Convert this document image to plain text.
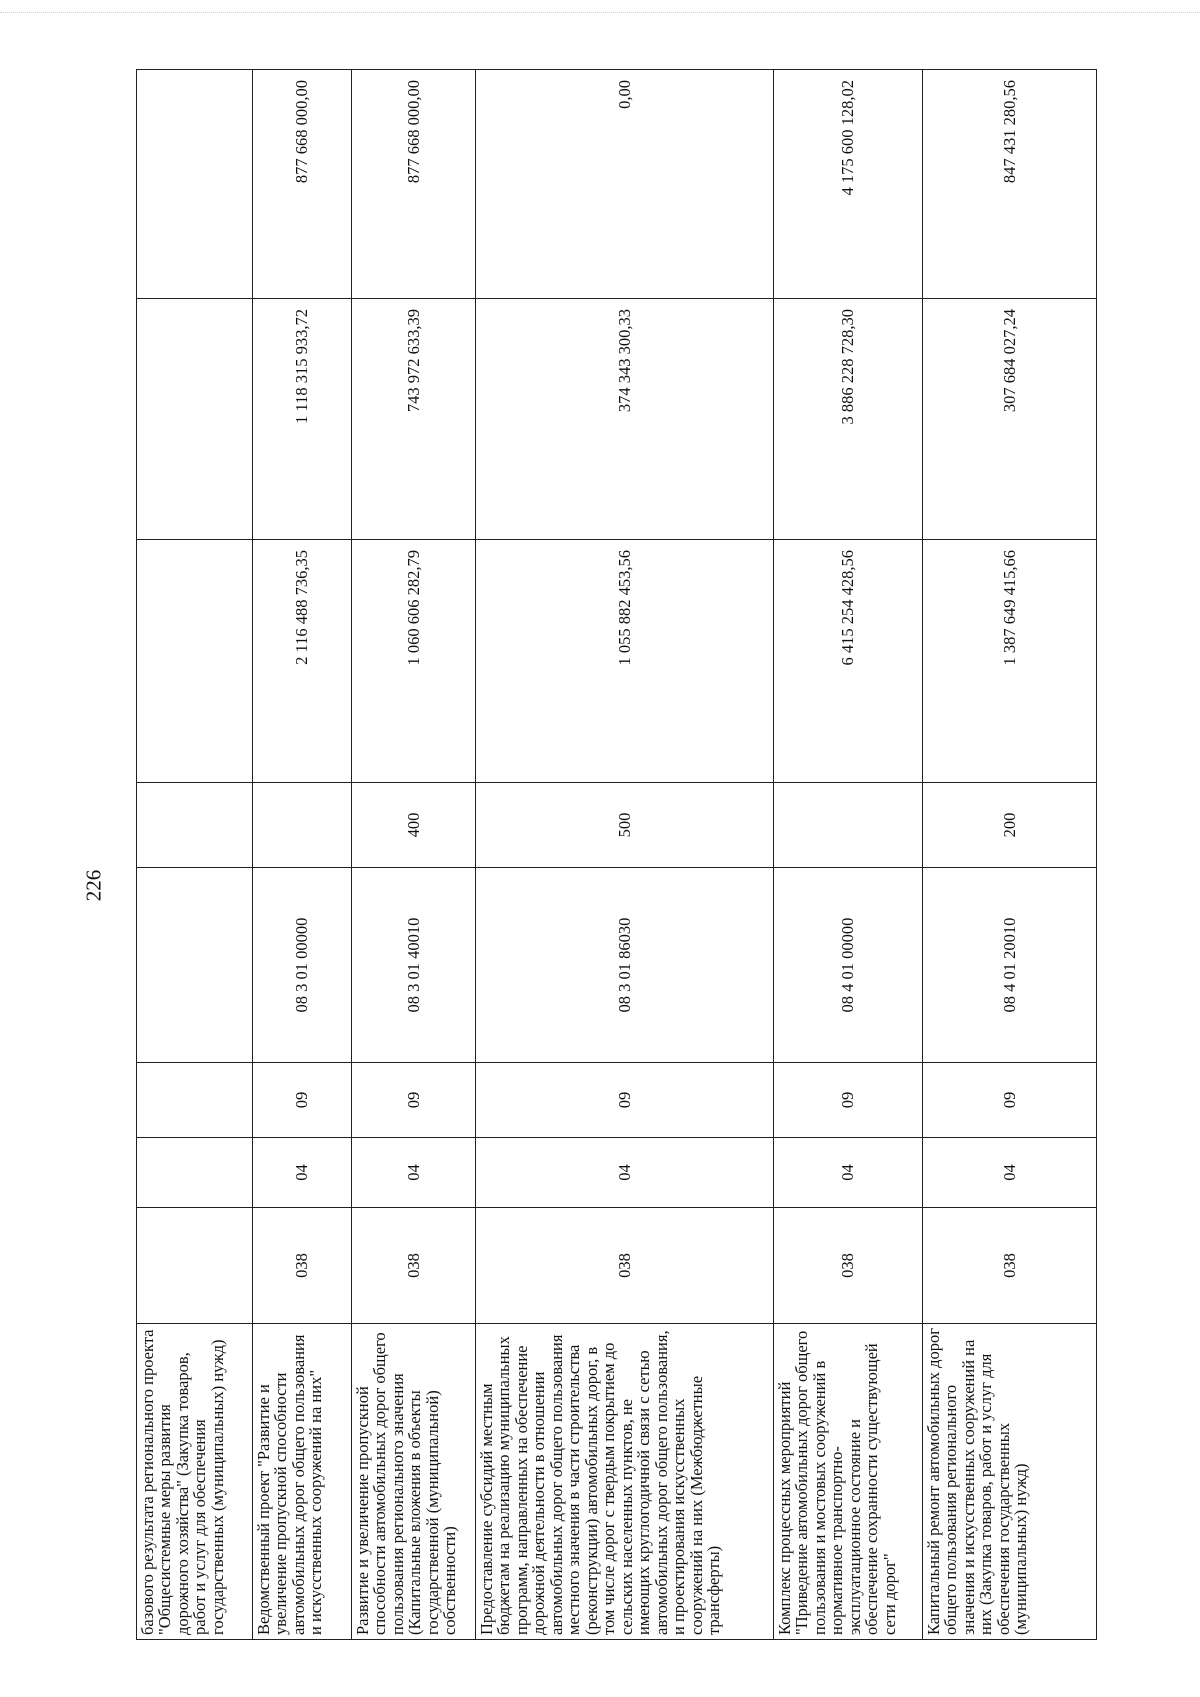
226
базового результата регионального проекта "Общесистемные меры развития дорожного хозяйства" (Закупка товаров, работ и услуг для обеспечения государственных (муниципальных) нужд)								
Ведомственный проект "Развитие и увеличение пропускной способности автомобильных дорог общего пользования и искусственных сооружений на них"	038	04	09	08 3 01 00000		2 116 488 736,35	1 118 315 933,72	877 668 000,00
Развитие и увеличение пропускной способности автомобильных дорог общего пользования регионального значения (Капитальные вложения в объекты государственной (муниципальной) собственности)	038	04	09	08 3 01 40010	400	1 060 606 282,79	743 972 633,39	877 668 000,00
Предоставление субсидий местным бюджетам на реализацию муниципальных программ, направленных на обеспечение дорожной деятельности в отношении автомобильных дорог общего пользования местного значения в части строительства (реконструкции) автомобильных дорог, в том числе дорог с твердым покрытием до сельских населенных пунктов, не имеющих круглогодичной связи с сетью автомобильных дорог общего пользования, и проектирования искусственных сооружений на них (Межбюджетные трансферты)	038	04	09	08 3 01 86030	500	1 055 882 453,56	374 343 300,33	0,00
Комплекс процессных мероприятий "Приведение автомобильных дорог общего пользования и мостовых сооружений в нормативное транспортно-эксплуатационное состояние и обеспечение сохранности существующей сети дорог"	038	04	09	08 4 01 00000		6 415 254 428,56	3 886 228 728,30	4 175 600 128,02
Капитальный ремонт автомобильных дорог общего пользования регионального значения и искусственных сооружений на них (Закупка товаров, работ и услуг для обеспечения государственных (муниципальных) нужд)	038	04	09	08 4 01 20010	200	1 387 649 415,66	307 684 027,24	847 431 280,56
